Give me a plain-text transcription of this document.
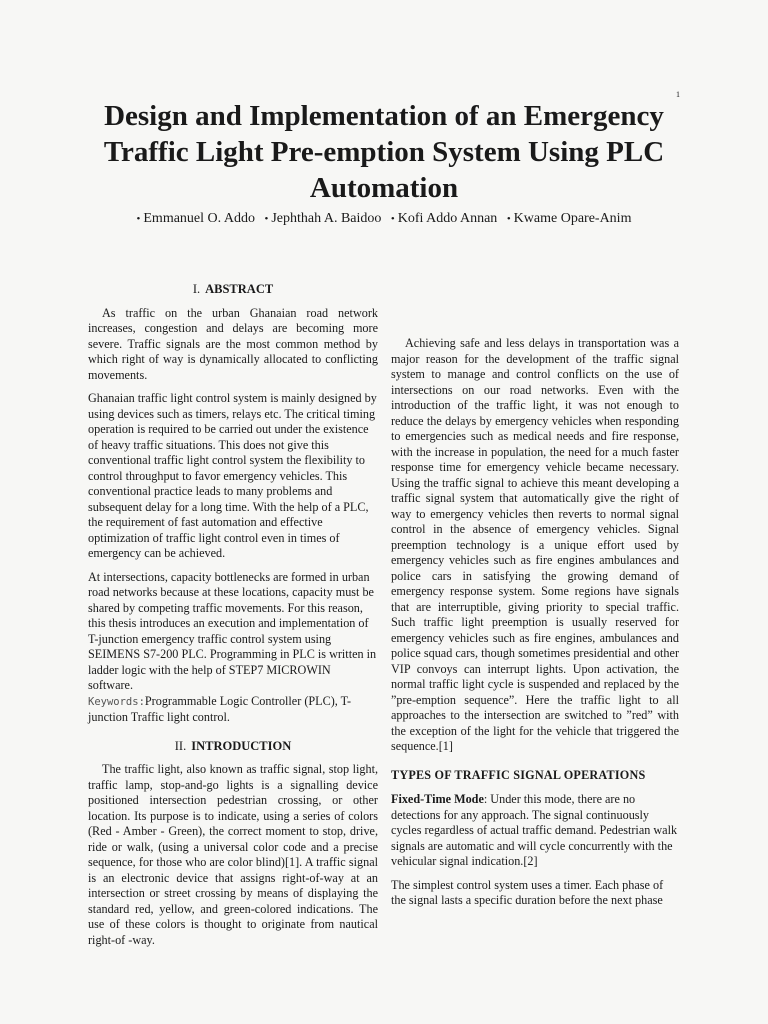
1
Design and Implementation of an Emergency Traffic Light Pre-emption System Using PLC Automation
• Emmanuel O. Addo • Jephthah A. Baidoo • Kofi Addo Annan • Kwame Opare-Anim
I. ABSTRACT

As traffic on the urban Ghanaian road network increases, congestion and delays are becoming more severe. Traffic signals are the most common method by which right of way is dynamically allocated to conflicting movements.

Ghanaian traffic light control system is mainly designed by using devices such as timers, relays etc. The critical timing operation is required to be carried out under the existence of heavy traffic situations. This does not give this conventional traffic light control system the flexibility to control throughput to favor emergency vehicles. This conventional practice leads to many problems and subsequent delay for a long time. With the help of a PLC, the requirement of fast automation and effective optimization of traffic light control even in times of emergency can be achieved.

At intersections, capacity bottlenecks are formed in urban road networks because at these locations, capacity must be shared by competing traffic movements. For this reason, this thesis introduces an execution and implementation of T-junction emergency traffic control system using SEIMENS S7-200 PLC. Programming in PLC is written in ladder logic with the help of STEP7 MICROWIN software.

Keywords:Programmable Logic Controller (PLC), T-junction Traffic light control.

II. INTRODUCTION

The traffic light, also known as traffic signal, stop light, traffic lamp, stop-and-go lights is a signalling device positioned intersection pedestrian crossing, or other location. Its purpose is to indicate, using a series of colors (Red - Amber - Green), the correct moment to stop, drive, ride or walk, (using a universal color code and a precise sequence, for those who are color blind)[1]. A traffic signal is an electronic device that assigns right-of-way at an intersection or street crossing by means of displaying the standard red, yellow, and green-colored indications. The use of these colors is thought to originate from nautical right-of -way.

Achieving safe and less delays in transportation was a major reason for the development of the traffic signal system to manage and control conflicts on the use of intersections on our road networks. Even with the introduction of the traffic light, it was not enough to reduce the delays by emergency vehicles when responding to emergencies such as medical needs and fire response, with the increase in population, the need for a much faster response time for emergency vehicle became necessary. Using the traffic signal to achieve this meant developing a traffic signal system that automatically give the right of way to emergency vehicles then reverts to normal signal control in the absence of emergency vehicles. Signal preemption technology is a unique effort used by emergency vehicles such as fire engines ambulances and police cars in satisfying the growing demand of emergency response system. Some regions have signals that are interruptible, giving priority to special traffic. Such traffic light preemption is usually reserved for emergency vehicles such as fire engines, ambulances and police squad cars, though sometimes presidential and other VIP convoys can interrupt lights. Upon activation, the normal traffic light cycle is suspended and replaced by the ”pre-emption sequence”. Here the traffic light to all approaches to the intersection are switched to ”red” with the exception of the light for the vehicle that triggered the sequence.[1]

TYPES OF TRAFFIC SIGNAL OPERATIONS

Fixed-Time Mode: Under this mode, there are no detections for any approach. The signal continuously cycles regardless of actual traffic demand. Pedestrian walk signals are automatic and will cycle concurrently with the vehicular signal indication.[2]

The simplest control system uses a timer. Each phase of the signal lasts a specific duration before the next phase
